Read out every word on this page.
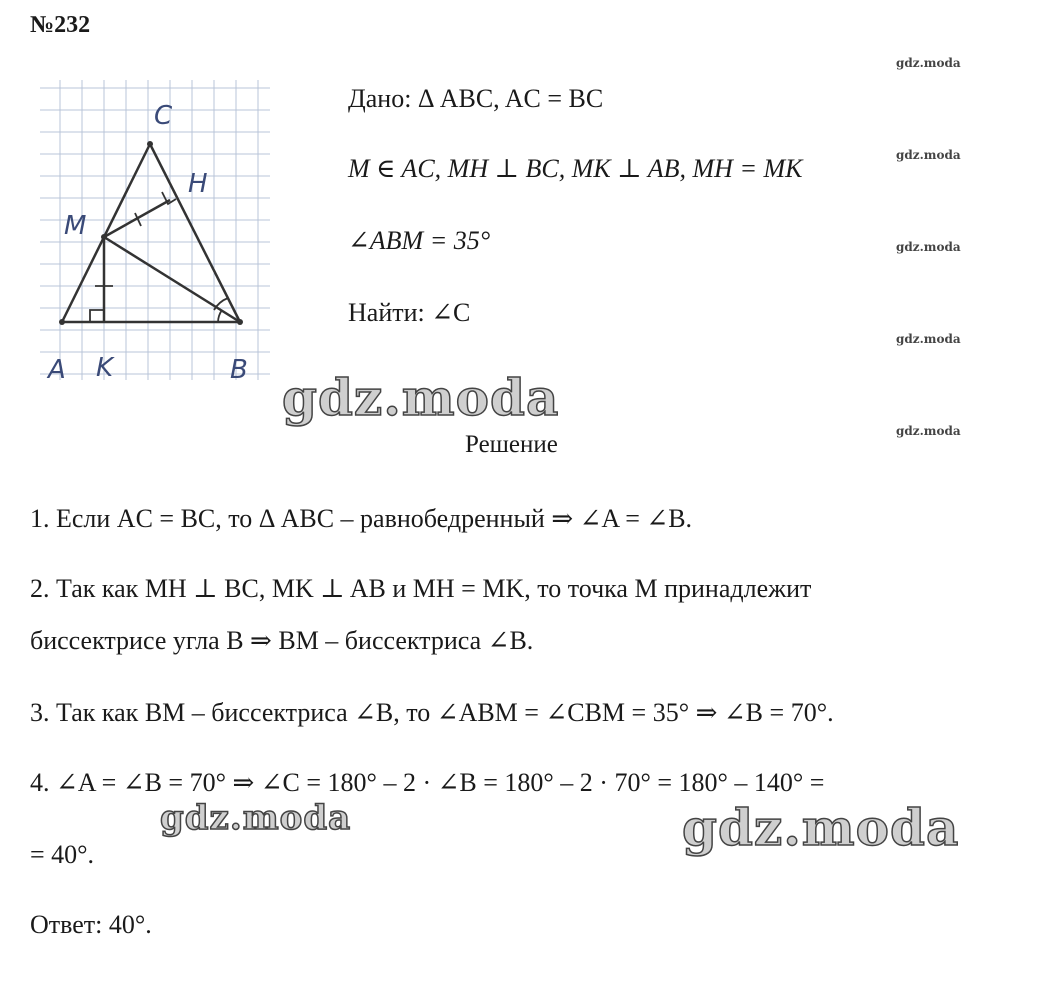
№232
C
H
M
A K	B
Дано: Δ ABC, AC = BC
M ∈ AC, MH ⊥ BC, MK ⊥ AB, MH = MK
∠ABM = 35°
Найти: ∠C
gdz.moda
gdz.moda
gdz.moda
gdz.moda
gdz.moda
gdz.moda
gdz.moda	gdz.moda
Решение
1. Если AC = BC, то Δ ABC – равнобедренный ⇒ ∠A = ∠B.
2. Так как MH ⊥ BC, MK ⊥ AB и MH = MK, то точка M принадлежит
биссектрисе угла B ⇒ BM – биссектриса ∠B.
3. Так как BM – биссектриса ∠B, то ∠ABM = ∠CBM = 35° ⇒ ∠B = 70°.
4. ∠A = ∠B = 70° ⇒ ∠C = 180° – 2 · ∠B = 180° – 2 · 70° = 180° – 140° =
= 40°.
Ответ: 40°.
